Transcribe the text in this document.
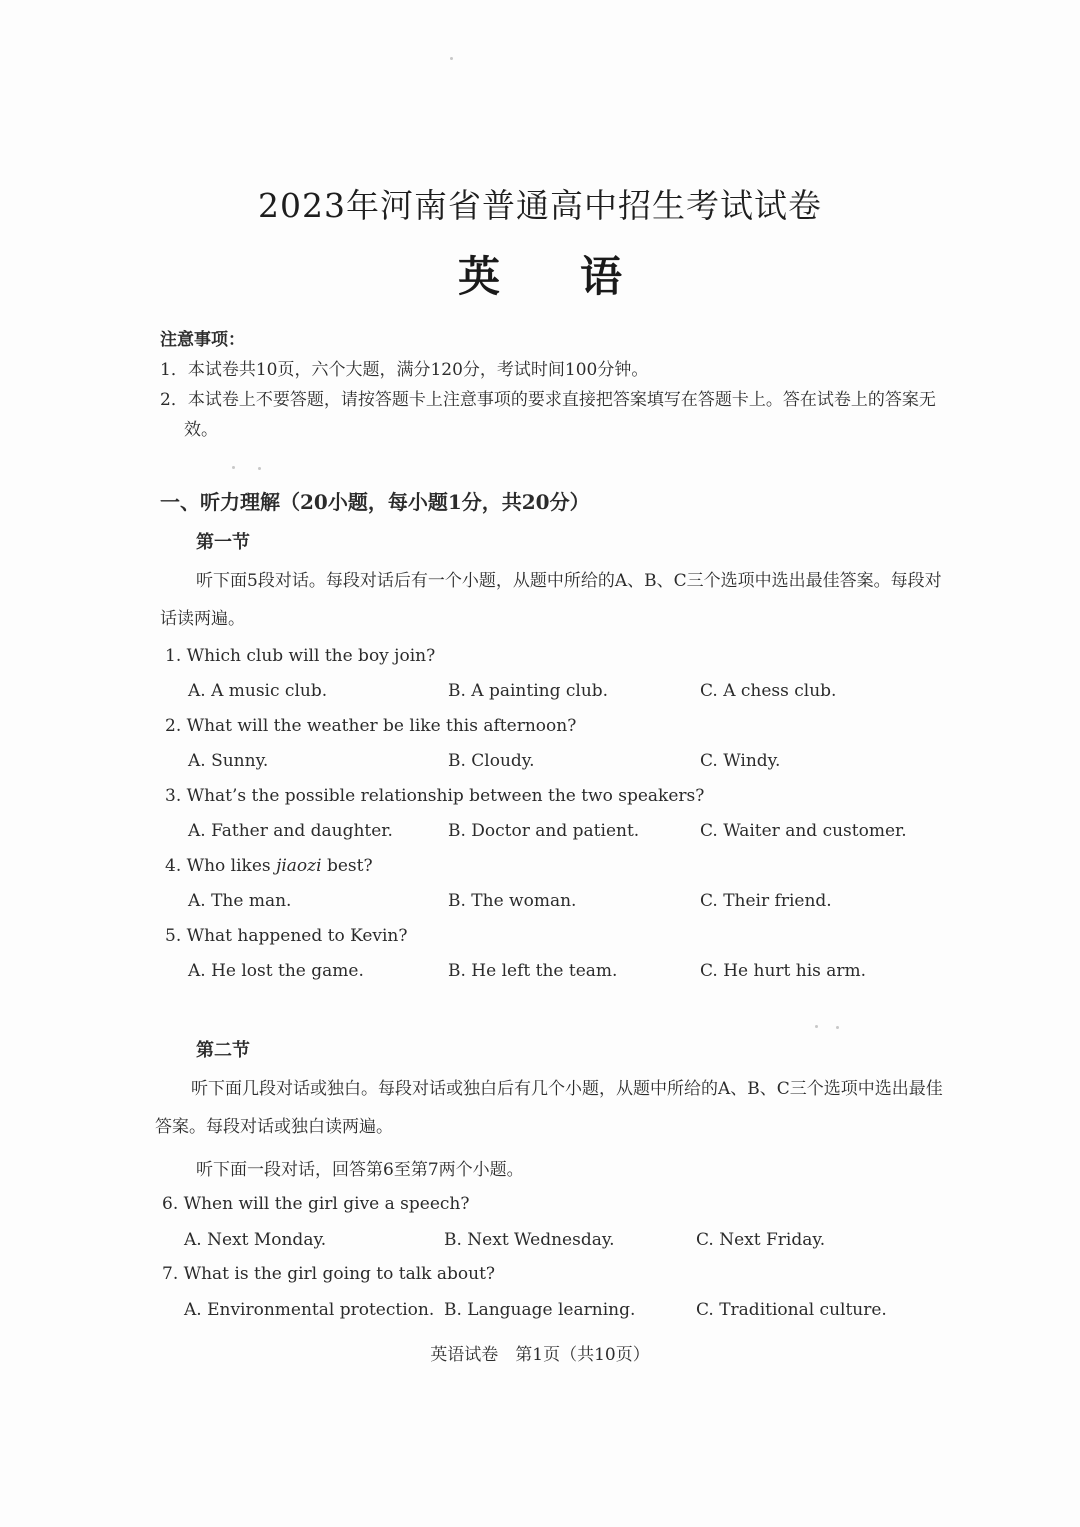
2023年河南省普通高中招生考试试卷
英 语
注意事项：
1．本试卷共10页，六个大题，满分120分，考试时间100分钟。
2．本试卷上不要答题，请按答题卡上注意事项的要求直接把答案填写在答题卡上。答在试卷上的答案无效。
一、听力理解（20小题，每小题1分，共20分）
第一节
听下面5段对话。每段对话后有一个小题，从题中所给的A、B、C三个选项中选出最佳答案。每段对话读两遍。
1. Which club will the boy join?
A. A music club.	B. A painting club.	C. A chess club.
2. What will the weather be like this afternoon?
A. Sunny.	B. Cloudy.	C. Windy.
3. What’s the possible relationship between the two speakers?
A. Father and daughter.	B. Doctor and patient.	C. Waiter and customer.
4. Who likes jiaozi best?
A. The man.	B. The woman.	C. Their friend.
5. What happened to Kevin?
A. He lost the game.	B. He left the team.	C. He hurt his arm.
第二节
听下面几段对话或独白。每段对话或独白后有几个小题，从题中所给的A、B、C三个选项中选出最佳答案。每段对话或独白读两遍。
听下面一段对话，回答第6至第7两个小题。
6. When will the girl give a speech?
A. Next Monday.	B. Next Wednesday.	C. Next Friday.
7. What is the girl going to talk about?
A. Environmental protection. B. Language learning.	C. Traditional culture.
英语试卷　第1页（共10页）
